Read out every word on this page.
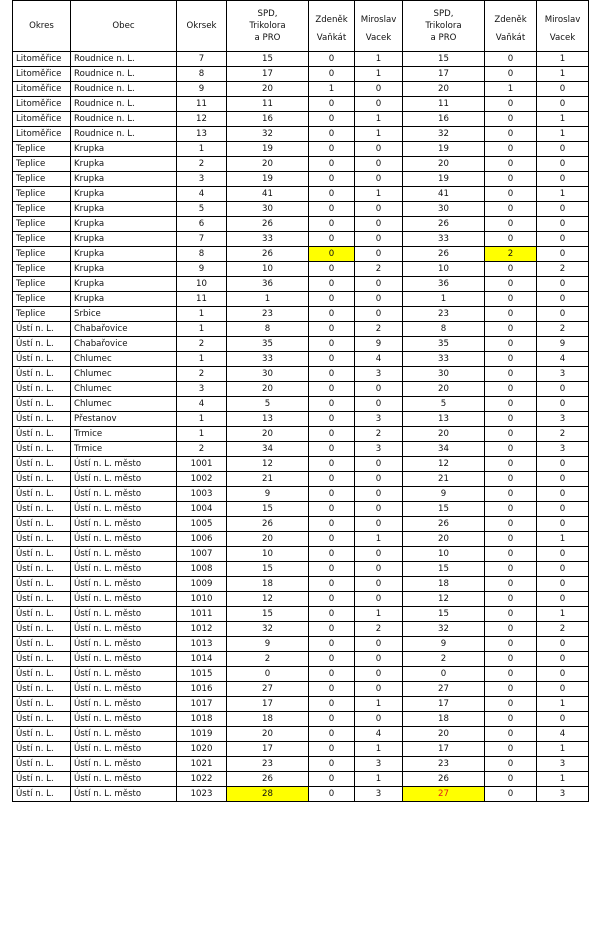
Okres	Obec	Okrsek	SPD,
Trikolora
a PRO	Zdeněk
Vaňkát	Miroslav
Vacek	SPD,
Trikolora
a PRO	Zdeněk
Vaňkát	Miroslav
Vacek

Litoměřice	Roudnice n. L.	7	15	0	1	15	0	1
Litoměřice	Roudnice n. L.	8	17	0	1	17	0	1
Litoměřice	Roudnice n. L.	9	20	1	0	20	1	0
Litoměřice	Roudnice n. L.	11	11	0	0	11	0	0
Litoměřice	Roudnice n. L.	12	16	0	1	16	0	1
Litoměřice	Roudnice n. L.	13	32	0	1	32	0	1
Teplice	Krupka	1	19	0	0	19	0	0
Teplice	Krupka	2	20	0	0	20	0	0
Teplice	Krupka	3	19	0	0	19	0	0
Teplice	Krupka	4	41	0	1	41	0	1
Teplice	Krupka	5	30	0	0	30	0	0
Teplice	Krupka	6	26	0	0	26	0	0
Teplice	Krupka	7	33	0	0	33	0	0
Teplice	Krupka	8	26	0	0	26	2	0
Teplice	Krupka	9	10	0	2	10	0	2
Teplice	Krupka	10	36	0	0	36	0	0
Teplice	Krupka	11	1	0	0	1	0	0
Teplice	Srbice	1	23	0	0	23	0	0
Ústí n. L.	Chabařovice	1	8	0	2	8	0	2
Ústí n. L.	Chabařovice	2	35	0	9	35	0	9
Ústí n. L.	Chlumec	1	33	0	4	33	0	4
Ústí n. L.	Chlumec	2	30	0	3	30	0	3
Ústí n. L.	Chlumec	3	20	0	0	20	0	0
Ústí n. L.	Chlumec	4	5	0	0	5	0	0
Ústí n. L.	Přestanov	1	13	0	3	13	0	3
Ústí n. L.	Trmice	1	20	0	2	20	0	2
Ústí n. L.	Trmice	2	34	0	3	34	0	3
Ústí n. L.	Ústí n. L. město	1001	12	0	0	12	0	0
Ústí n. L.	Ústí n. L. město	1002	21	0	0	21	0	0
Ústí n. L.	Ústí n. L. město	1003	9	0	0	9	0	0
Ústí n. L.	Ústí n. L. město	1004	15	0	0	15	0	0
Ústí n. L.	Ústí n. L. město	1005	26	0	0	26	0	0
Ústí n. L.	Ústí n. L. město	1006	20	0	1	20	0	1
Ústí n. L.	Ústí n. L. město	1007	10	0	0	10	0	0
Ústí n. L.	Ústí n. L. město	1008	15	0	0	15	0	0
Ústí n. L.	Ústí n. L. město	1009	18	0	0	18	0	0
Ústí n. L.	Ústí n. L. město	1010	12	0	0	12	0	0
Ústí n. L.	Ústí n. L. město	1011	15	0	1	15	0	1
Ústí n. L.	Ústí n. L. město	1012	32	0	2	32	0	2
Ústí n. L.	Ústí n. L. město	1013	9	0	0	9	0	0
Ústí n. L.	Ústí n. L. město	1014	2	0	0	2	0	0
Ústí n. L.	Ústí n. L. město	1015	0	0	0	0	0	0
Ústí n. L.	Ústí n. L. město	1016	27	0	0	27	0	0
Ústí n. L.	Ústí n. L. město	1017	17	0	1	17	0	1
Ústí n. L.	Ústí n. L. město	1018	18	0	0	18	0	0
Ústí n. L.	Ústí n. L. město	1019	20	0	4	20	0	4
Ústí n. L.	Ústí n. L. město	1020	17	0	1	17	0	1
Ústí n. L.	Ústí n. L. město	1021	23	0	3	23	0	3
Ústí n. L.	Ústí n. L. město	1022	26	0	1	26	0	1
Ústí n. L.	Ústí n. L. město	1023	28	0	3	27	0	3
